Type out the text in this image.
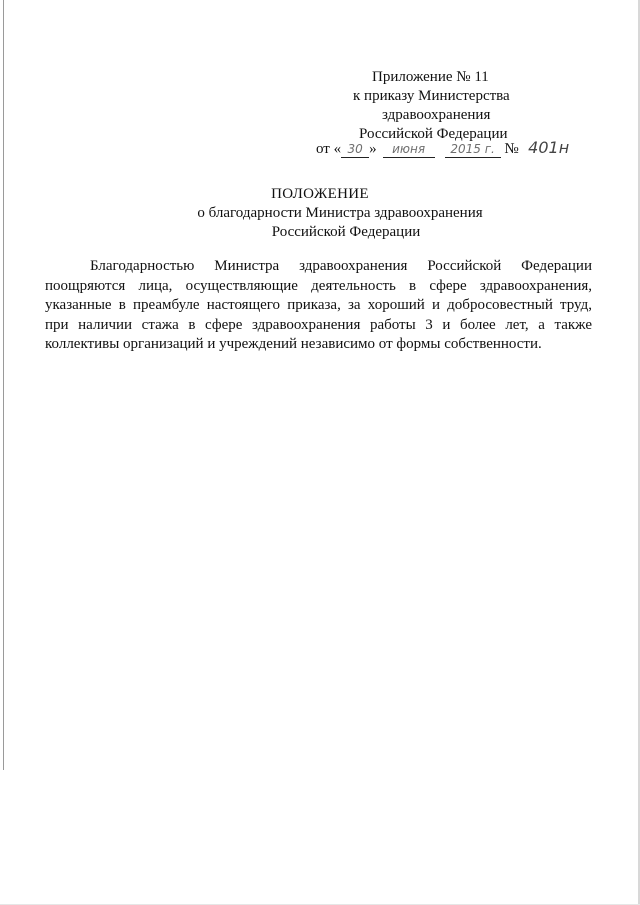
Приложение № 11
к приказу Министерства
здравоохранения
Российской Федерации
от « 30 » июня 2015 г. № 401н
ПОЛОЖЕНИЕ
о благодарности Министра здравоохранения
Российской Федерации
Благодарностью Министра здравоохранения Российской Федерации
поощряются лица, осуществляющие деятельность в сфере здравоохранения,
указанные в преамбуле настоящего приказа, за хороший и добросовестный труд,
при наличии стажа в сфере здравоохранения работы 3 и более лет, а также
коллективы организаций и учреждений независимо от формы собственности.
